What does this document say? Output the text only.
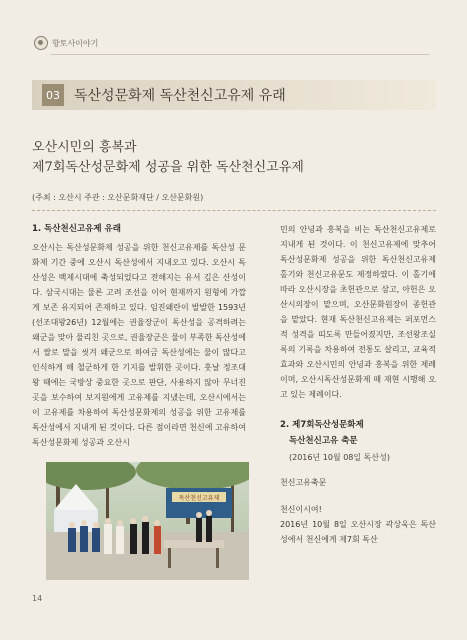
향토사이야기
03 독산성문화제 독산천신고유제 유래
오산시민의 흥복과
제7회독산성문화제 성공을 위한 독산천신고유제
(주최 : 오산시 주관 : 오산문화재단 / 오산문화원)
1. 독산천신고유제 유래

오산시는 독산성문화제 성공을 위한 천신고유제를 독산성 문화제 기간 중에 오산시 독산성에서 지내오고 있다. 오산시 독산성은 백제시대에 축성되었다고 전해지는 유서 깊은 산성이다. 삼국시대는 물론 고려 조선을 이어 현재까지 원형에 가깝게 보존 유지되어 존재하고 있다. 임진왜란이 발발한 1593년(선조대왕26년) 12월에는 권율장군이 독산성을 공격하려는 왜군을 맞아 물리친 곳으로, 권율장군은 물이 부족한 독산성에서 쌀로 말을 씻겨 왜군으로 하여금 독산성에는 물이 많다고 인식하게 해 철군하게 한 기지를 발휘한 곳이다. 훗날 정조대왕 때에는 국방상 중요한 곳으로 판단, 사용하지 않아 무너진 곳을 보수하여 보지원에게 고유제를 지냈는데, 오산시에서는 이 고유제를 차용하여 독산성문화제의 성공을 위한 고유제를 독산성에서 지내게 된 것이다. 다른 점이라면 천신에 고유하여 독산성문화제 성공과 오산시

민의 안녕과 흥복을 비는 독산천신고유제로 지내게 된 것이다. 이 천신고유제에 맞추어 독산성문화제 성공을 위한 독산천신고유제 홀기와 천신고유문도 제정하였다. 이 홀기에 따라 오산시장을 초헌관으로 삼고, 아헌은 오산시의장이 맡으며, 오산문화원장이 종헌관을 맡았다. 현재 독산천신고유제는 퍼포먼스적 성격을 띠도록 만들어졌지만, 조선왕조실록의 기록을 차용하여 전통도 살리고, 교육적 효과와 오산시민의 안녕과 흥복을 위한 제례이며, 오산시독산성문화제 때 재현 시행해 오고 있는 제례이다.

2. 제7회독산성문화제
독산천신고유 축문
(2016년 10월 08일 독산성)

천신고유축문

천신이시여!

2016년 10월 8일 오산시장 곽상욱은 독산성에서 천신에게 제7회 독산

독산천신고유제
14
